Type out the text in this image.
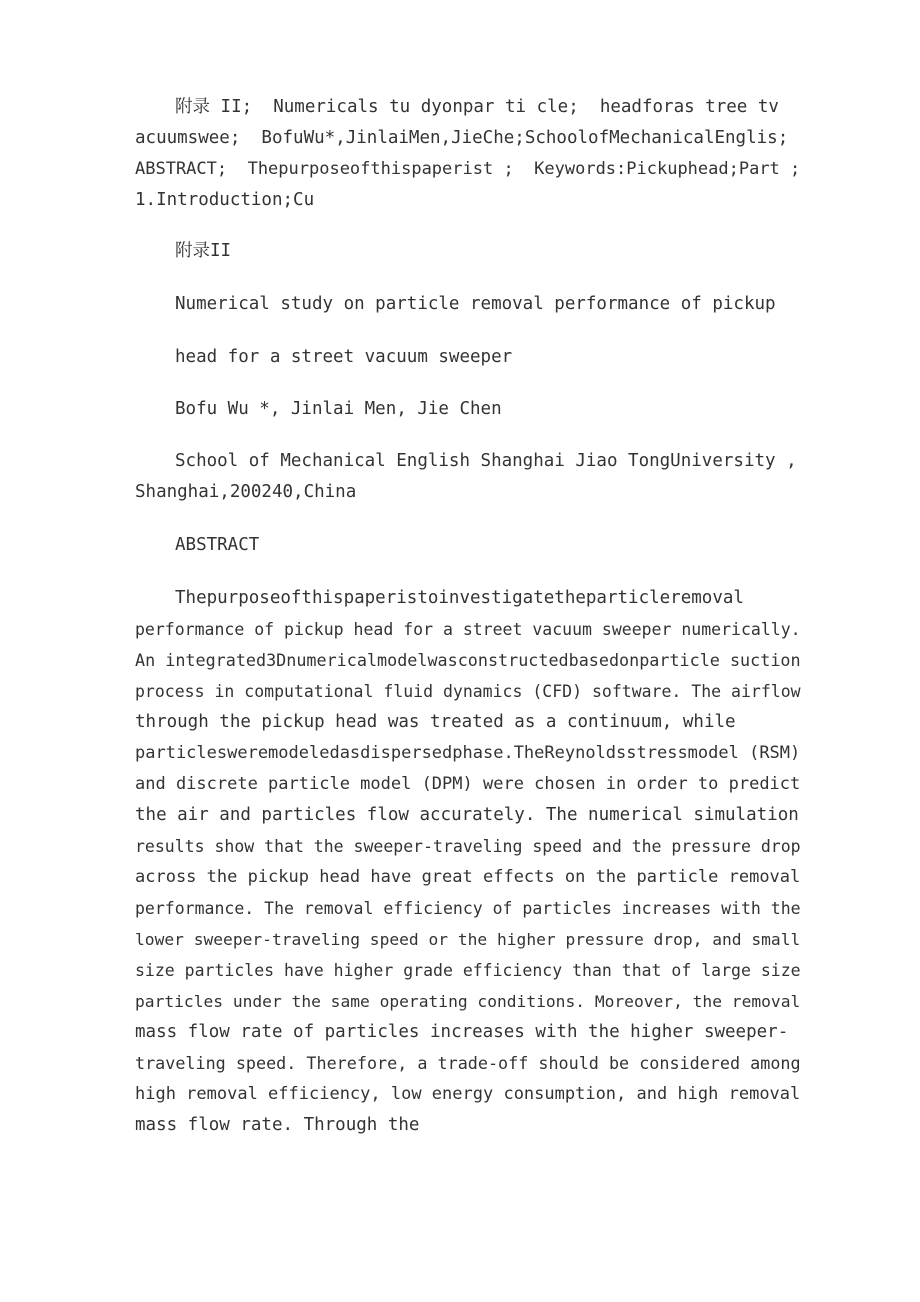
附录 II;  Numericals tu dyonpar ti cle;  headforas tree tv
acuumswee;  BofuWu*,JinlaiMen,JieChe;SchoolofMechanicalEnglis;
ABSTRACT;  Thepurposeofthispaperist ;  Keywords:Pickuphead;Part ;
1.Introduction;Cu
附录II
Numerical study on particle removal performance of pickup
head for a street vacuum sweeper
Bofu Wu *, Jinlai Men, Jie Chen
School of Mechanical English Shanghai Jiao TongUniversity ,
Shanghai,200240,China
ABSTRACT
Thepurposeofthispaperistoinvestigatetheparticleremoval
performance of pickup head for a street vacuum sweeper numerically.
An integrated3Dnumericalmodelwasconstructedbasedonparticle suction
process in computational fluid dynamics (CFD) software. The airflow
through the pickup head was treated as a continuum, while
particlesweremodeledasdispersedphase.TheReynoldsstressmodel (RSM)
and discrete particle model (DPM) were chosen in order to predict
the air and particles flow accurately. The numerical simulation
results show that the sweeper-traveling speed and the pressure drop
across the pickup head have great effects on the particle removal
performance. The removal efficiency of particles increases with the
lower sweeper-traveling speed or the higher pressure drop, and small
size particles have higher grade efficiency than that of large size
particles under the same operating conditions. Moreover, the removal
mass flow rate of particles increases with the higher sweeper-
traveling speed. Therefore, a trade-off should be considered among
high removal efficiency, low energy consumption, and high removal
mass flow rate. Through the
